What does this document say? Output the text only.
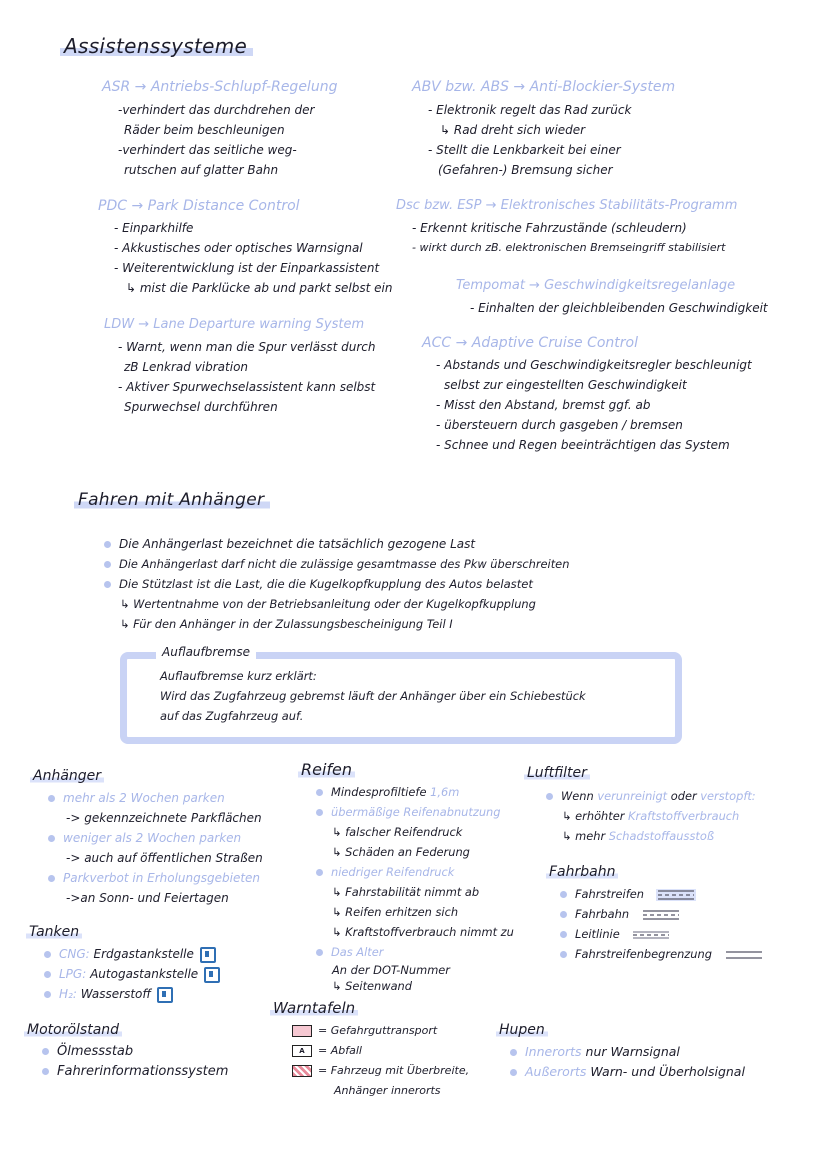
Assistenssysteme
ASR → Antriebs-Schlupf-Regelung
-verhindert das durchdrehen der
Räder beim beschleunigen
-verhindert das seitliche weg-
rutschen auf glatter Bahn
ABV bzw. ABS → Anti-Blockier-System
- Elektronik regelt das Rad zurück
↳ Rad dreht sich wieder
- Stellt die Lenkbarkeit bei einer
(Gefahren-) Bremsung sicher
PDC → Park Distance Control
- Einparkhilfe
- Akkustisches oder optisches Warnsignal
- Weiterentwicklung ist der Einparkassistent
↳ mist die Parklücke ab und parkt selbst ein
Dsc bzw. ESP → Elektronisches Stabilitäts-Programm
- Erkennt kritische Fahrzustände (schleudern)
- wirkt durch zB. elektronischen Bremseingriff stabilisiert
Tempomat → Geschwindigkeitsregelanlage
- Einhalten der gleichbleibenden Geschwindigkeit
LDW → Lane Departure warning System
- Warnt, wenn man die Spur verlässt durch
zB Lenkrad vibration
- Aktiver Spurwechselassistent kann selbst
Spurwechsel durchführen
ACC → Adaptive Cruise Control
- Abstands und Geschwindigkeitsregler beschleunigt
selbst zur eingestellten Geschwindigkeit
- Misst den Abstand, bremst ggf. ab
- übersteuern durch gasgeben / bremsen
- Schnee und Regen beeinträchtigen das System
Fahren mit Anhänger
Die Anhängerlast bezeichnet die tatsächlich gezogene Last
Die Anhängerlast darf nicht die zulässige gesamtmasse des Pkw überschreiten
Die Stützlast ist die Last, die die Kugelkopfkupplung des Autos belastet
↳ Wertentnahme von der Betriebsanleitung oder der Kugelkopfkupplung
↳ Für den Anhänger in der Zulassungsbescheinigung Teil I
Auflaufbremse
Auflaufbremse kurz erklärt:
Wird das Zugfahrzeug gebremst läuft der Anhänger über ein Schiebestück
auf das Zugfahrzeug auf.
Anhänger
mehr als 2 Wochen parken
-> gekennzeichnete Parkflächen
weniger als 2 Wochen parken
-> auch auf öffentlichen Straßen
Parkverbot in Erholungsgebieten
->an Sonn- und Feiertagen
Tanken
CNG: Erdgastankstelle
LPG: Autogastankstelle
H₂: Wasserstoff
Motorölstand
Ölmessstab
Fahrerinformationssystem
Reifen
Mindesprofiltiefe 1,6m
übermäßige Reifenabnutzung
↳ falscher Reifendruck
↳ Schäden an Federung
niedriger Reifendruck
↳ Fahrstabilität nimmt ab
↳ Reifen erhitzen sich
↳ Kraftstoffverbrauch nimmt zu
Das Alter
An der DOT-Nummer
↳ Seitenwand
Luftfilter
Wenn verunreinigt oder verstopft:
↳ erhöhter Kraftstoffverbrauch
↳ mehr Schadstoffausstoß
Fahrbahn
Fahrstreifen
Fahrbahn
Leitlinie
Fahrstreifenbegrenzung
Warntafeln
= Gefahrguttransport
A = Abfall
= Fahrzeug mit Überbreite,
Anhänger innerorts
Hupen
Innerorts nur Warnsignal
Außerorts Warn- und Überholsignal
